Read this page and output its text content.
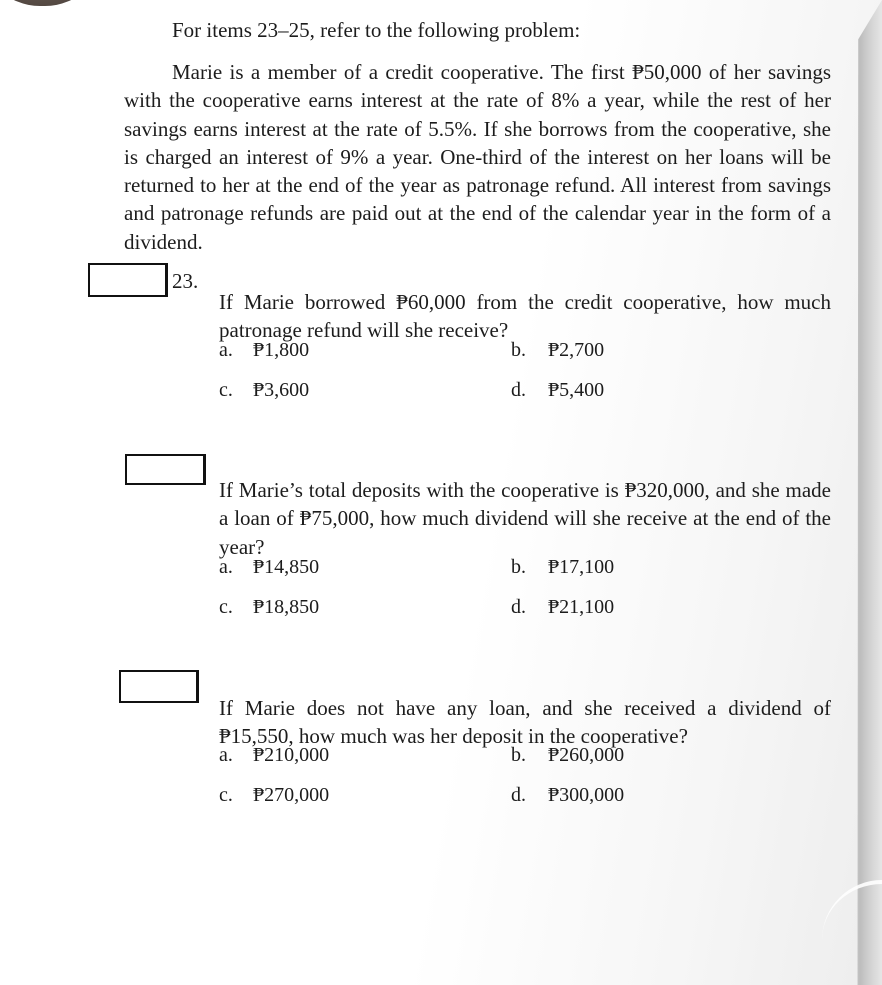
For items 23–25, refer to the following problem:

Marie is a member of a credit cooperative. The first ₱50,000 of her savings with the cooperative earns interest at the rate of 8% a year, while the rest of her savings earns interest at the rate of 5.5%. If she borrows from the cooperative, she is charged an interest of 9% a year. One-third of the interest on her loans will be returned to her at the end of the year as patronage refund. All interest from savings and patronage refunds are paid out at the end of the calendar year in the form of a dividend.

23.

If Marie borrowed ₱60,000 from the credit cooperative, how much patronage refund will she receive?

a. ₱1,800	b. ₱2,700
c. ₱3,600	d. ₱5,400

If Marie’s total deposits with the cooperative is ₱320,000, and she made a loan of ₱75,000, how much dividend will she receive at the end of the year?

a. ₱14,850	b. ₱17,100
c. ₱18,850	d. ₱21,100

If Marie does not have any loan, and she received a dividend of ₱15,550, how much was her deposit in the cooperative?

a. ₱210,000	b. ₱260,000
c. ₱270,000	d. ₱300,000
